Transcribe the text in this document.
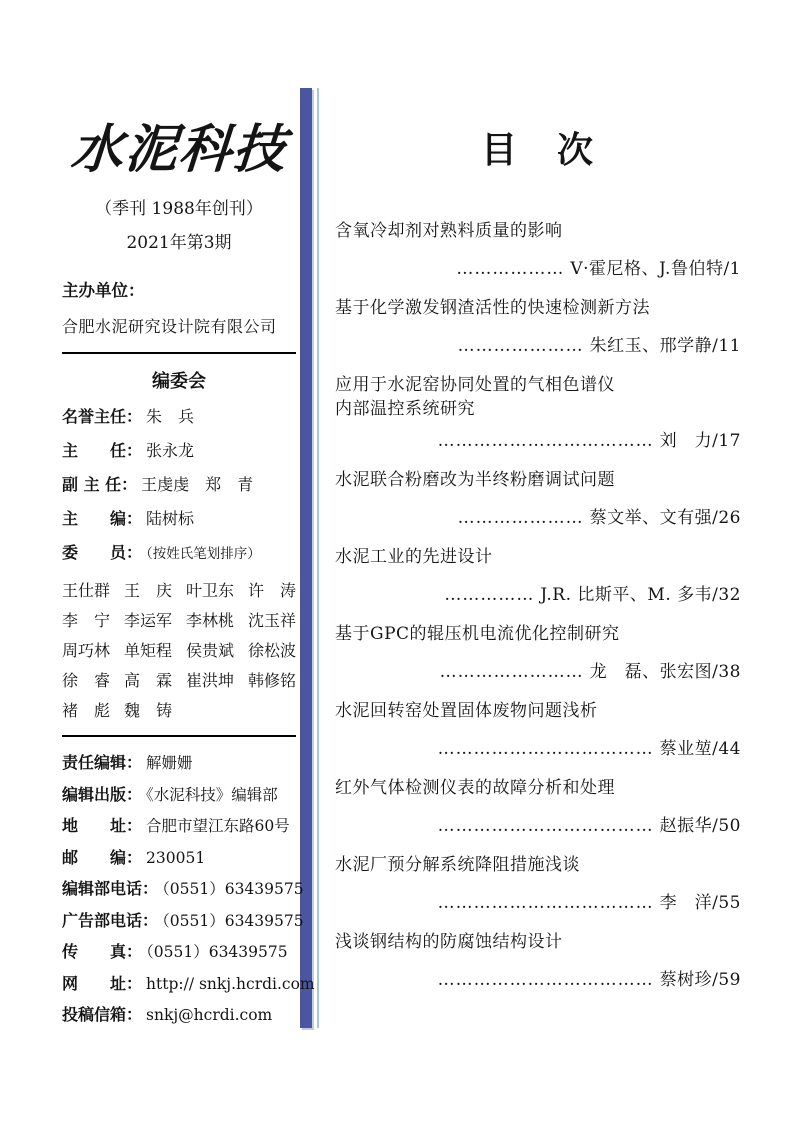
水泥科技
（季刊 1988年创刊）
2021年第3期
主办单位：
合肥水泥研究设计院有限公司
编委会
名誉主任： 朱　兵
主　　任： 张永龙
副 主 任： 王虔虔　郑　青
主　　编： 陆树标
委　　员： （按姓氏笔划排序）
王仕群 王　庆 叶卫东 许　涛
李　宁 李运军 李林桃 沈玉祥
周巧林 单矩程 侯贵斌 徐松波
徐　睿 高　霖 崔洪坤 韩修铭
褚　彪 魏　铸
责任编辑： 解姗姗
编辑出版： 《水泥科技》编辑部
地　　址： 合肥市望江东路60号
邮　　编： 230051
编辑部电话： （0551）63439575
广告部电话： （0551）63439575
传　　真： （0551）63439575
网　　址： http:// snkj.hcrdi.com
投稿信箱： snkj@hcrdi.com
目　次
含氧冷却剂对熟料质量的影响
……………… V·霍尼格、J.鲁伯特/1
基于化学激发钢渣活性的快速检测新方法
………………… 朱红玉、邢学静/11
应用于水泥窑协同处置的气相色谱仪
内部温控系统研究
……………………………… 刘　力/17
水泥联合粉磨改为半终粉磨调试问题
………………… 蔡文举、文有强/26
水泥工业的先进设计
…………… J.R. 比斯平、M. 多韦/32
基于GPC的辊压机电流优化控制研究
…………………… 龙　磊、张宏图/38
水泥回转窑处置固体废物问题浅析
……………………………… 蔡业堃/44
红外气体检测仪表的故障分析和处理
……………………………… 赵振华/50
水泥厂预分解系统降阻措施浅谈
……………………………… 李　洋/55
浅谈钢结构的防腐蚀结构设计
……………………………… 蔡树珍/59
